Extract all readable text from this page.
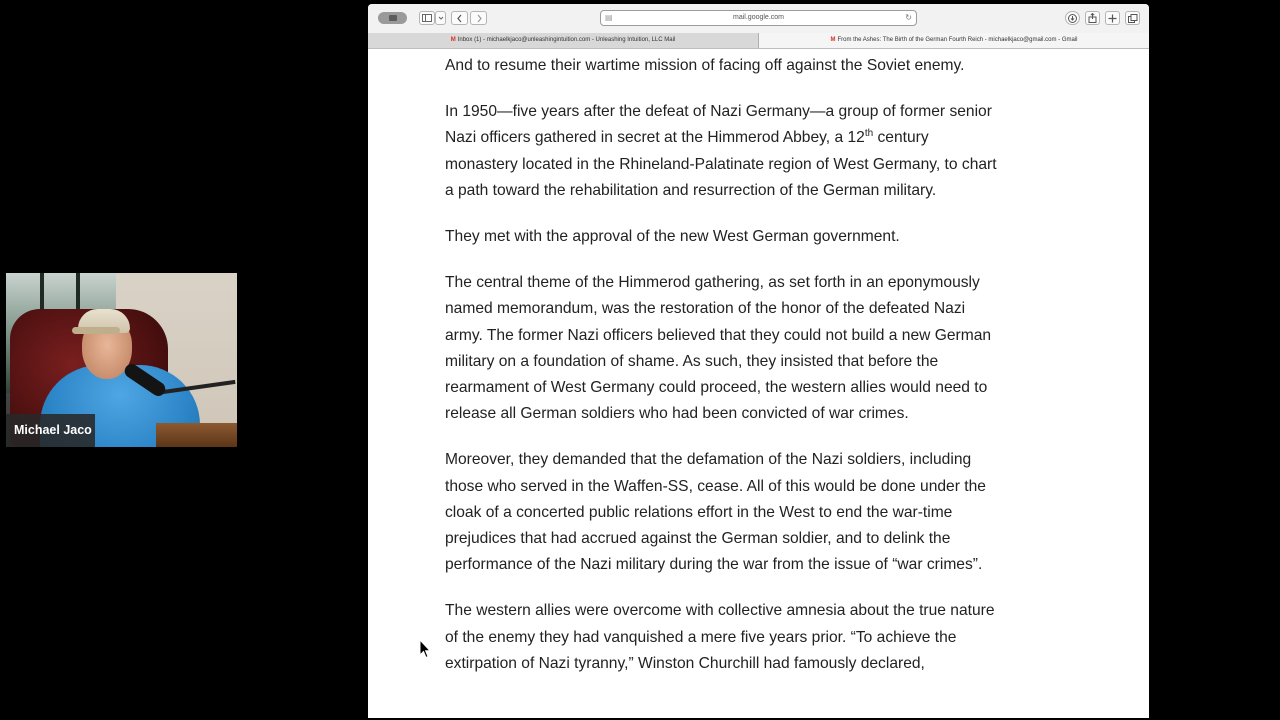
Michael Jaco
▤	mail.google.com	↻
M Inbox (1) - michaelkjaco@unleashingintuition.com - Unleashing Intuition, LLC Mail	M From the Ashes: The Birth of the German Fourth Reich - michaelkjaco@gmail.com - Gmail

And to resume their wartime mission of facing off against the Soviet enemy.

In 1950—five years after the defeat of Nazi Germany—a group of former senior Nazi officers gathered in secret at the Himmerod Abbey, a 12th century monastery located in the Rhineland-Palatinate region of West Germany, to chart a path toward the rehabilitation and resurrection of the German military.

They met with the approval of the new West German government.

The central theme of the Himmerod gathering, as set forth in an eponymously named memorandum, was the restoration of the honor of the defeated Nazi army. The former Nazi officers believed that they could not build a new German military on a foundation of shame. As such, they insisted that before the rearmament of West Germany could proceed, the western allies would need to release all German soldiers who had been convicted of war crimes.

Moreover, they demanded that the defamation of the Nazi soldiers, including those who served in the Waffen-SS, cease. All of this would be done under the cloak of a concerted public relations effort in the West to end the war-time prejudices that had accrued against the German soldier, and to delink the performance of the Nazi military during the war from the issue of “war crimes”.

The western allies were overcome with collective amnesia about the true nature of the enemy they had vanquished a mere five years prior. “To achieve the extirpation of Nazi tyranny,” Winston Churchill had famously declared,
